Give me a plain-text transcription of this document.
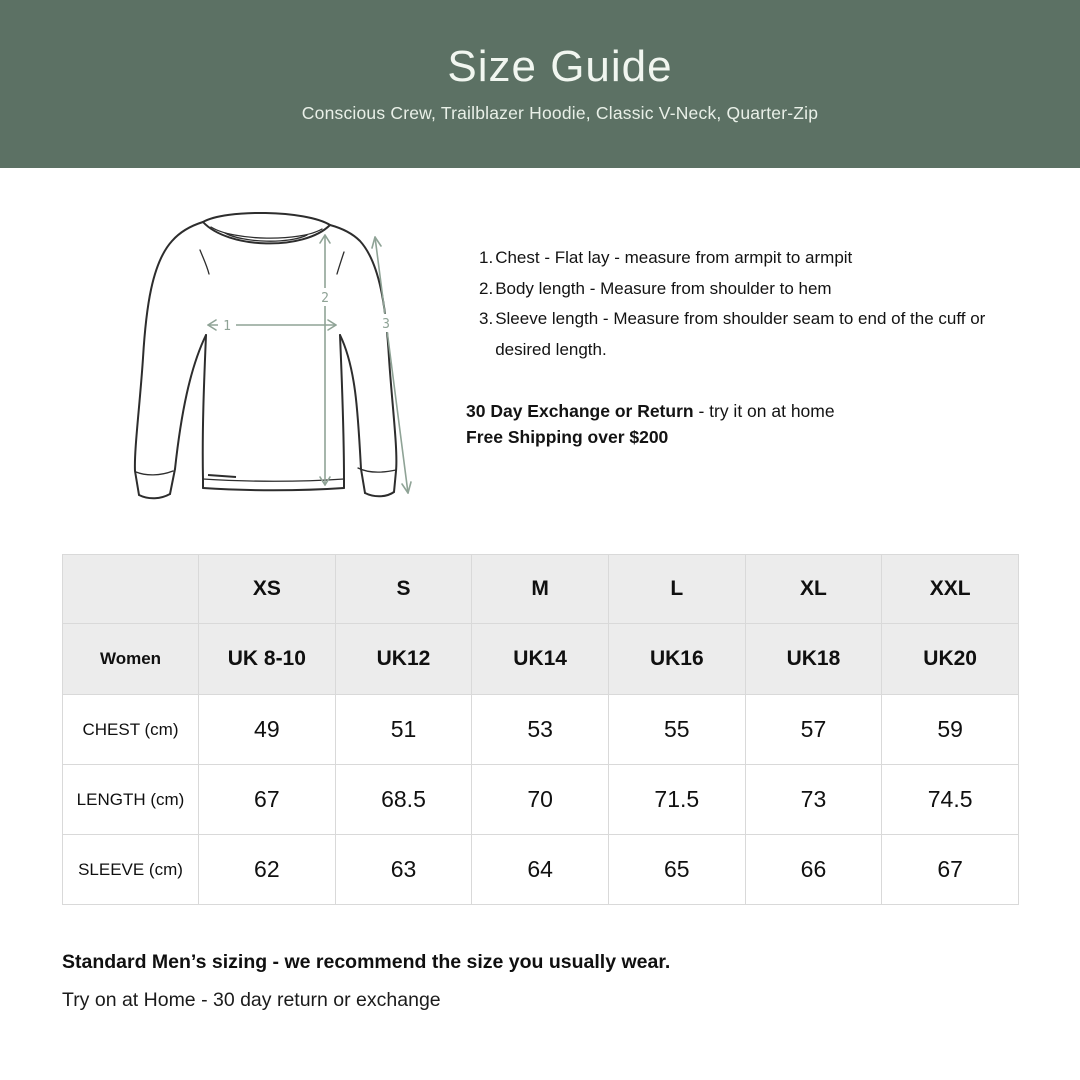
Size Guide
Conscious Crew, Trailblazer Hoodie, Classic V-Neck, Quarter-Zip
1
2
3
1. Chest - Flat lay - measure from armpit to armpit
2. Body length - Measure from shoulder to hem
3. Sleeve length - Measure from shoulder seam to end of the cuff or desired length.
30 Day Exchange or Return - try it on at home
Free Shipping over $200
	XS	S	M	L	XL	XXL
Women	UK 8-10	UK12	UK14	UK16	UK18	UK20
CHEST (cm)	49	51	53	55	57	59
LENGTH (cm)	67	68.5	70	71.5	73	74.5
SLEEVE (cm)	62	63	64	65	66	67
Standard Men’s sizing - we recommend the size you usually wear.
Try on at Home - 30 day return or exchange
